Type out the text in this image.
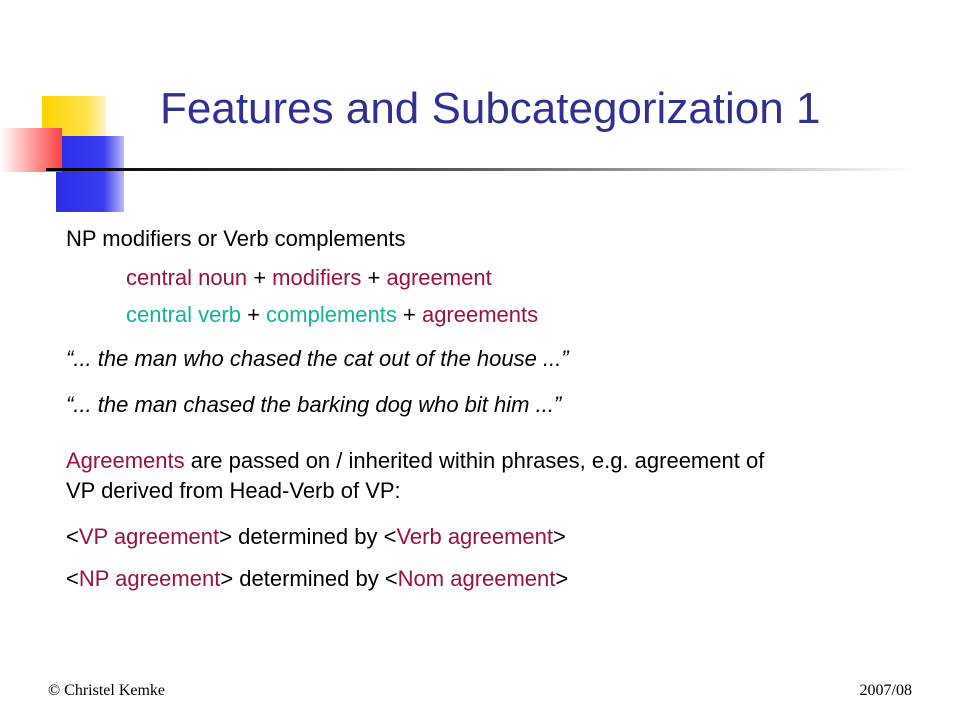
Features and Subcategorization 1
NP modifiers or Verb complements
central noun + modifiers + agreement
central verb + complements + agreements
“... the man who chased the cat out of the house ...”
“... the man chased the barking dog who bit him ...”
Agreements are passed on / inherited within phrases, e.g. agreement of
VP derived from Head-Verb of VP:
<VP agreement> determined by <Verb agreement>
<NP agreement> determined by <Nom agreement>
© Christel Kemke	2007/08
